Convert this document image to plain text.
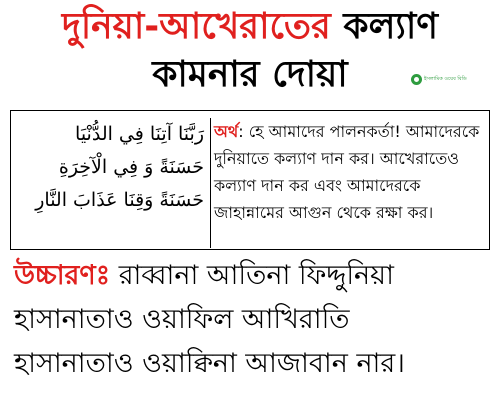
দুনিয়া-আখেরাতের কল্যাণ
কামনার দোয়া	ইসলামিক ওয়েব বিডি
رَبَّنَا آتِنَا فِي الدُّنْيَا
حَسَنَةً وَ فِي الْآخِرَةِ
حَسَنَةً وَقِنَا عَذَابَ النَّارِ
অর্থ: হে আমাদের পালনকর্তা! আমাদেরকে দুনিয়াতে কল্যাণ দান কর। আখেরাতেও কল্যাণ দান কর এবং আমাদেরকে জাহান্নামের আগুন থেকে রক্ষা কর।
উচ্চারণঃ রাব্বানা আতিনা ফিদ্দুনিয়া
হাসানাতাও ওয়াফিল আখিরাতি
হাসানাতাও ওয়াক্বিনা আজাবান নার।
